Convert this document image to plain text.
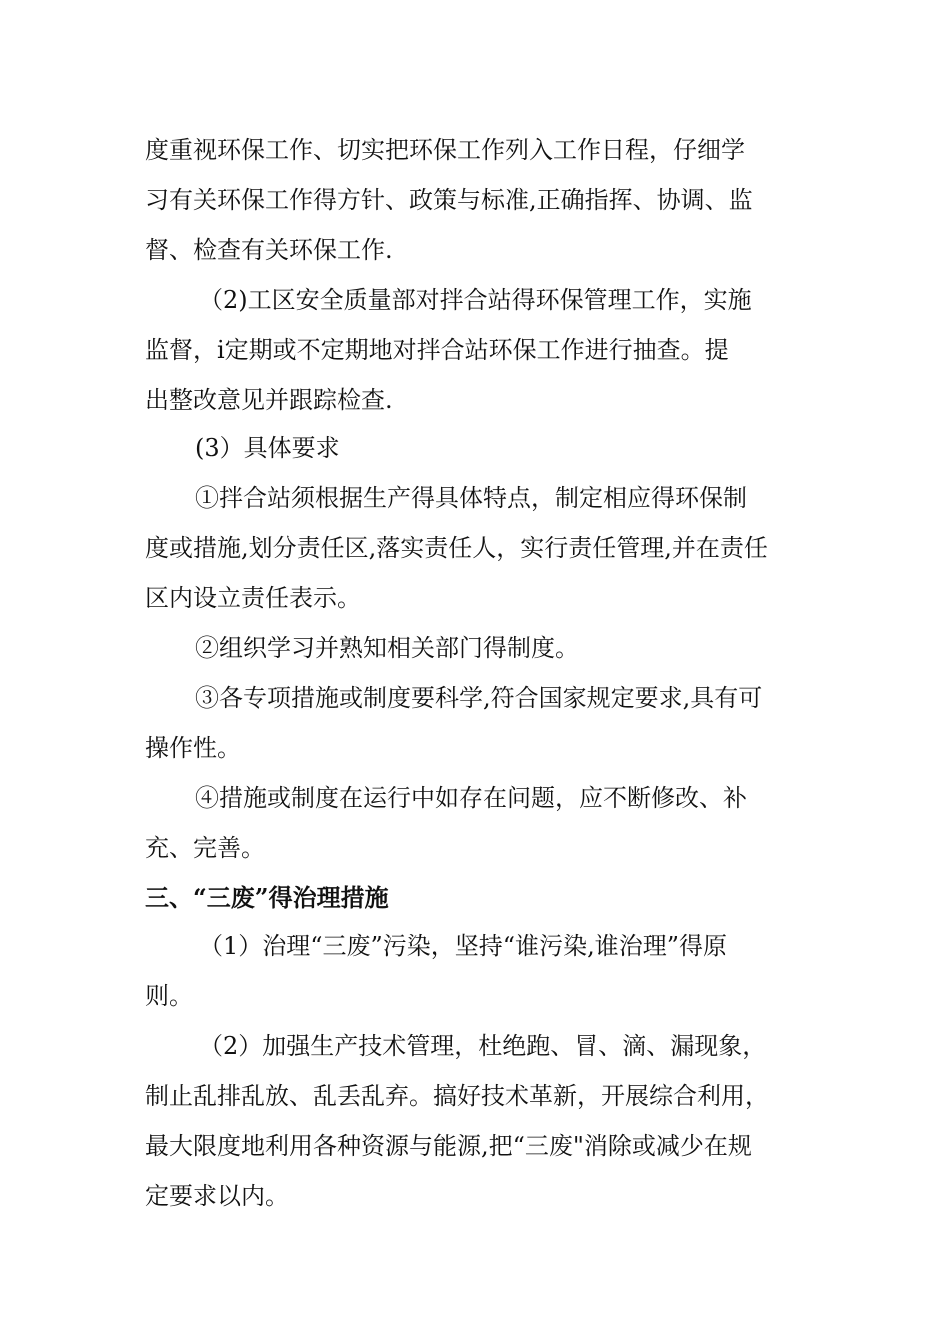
度重视环保工作、切实把环保工作列入工作日程，仔细学
习有关环保工作得方针、政策与标准,正确指挥、协调、监
督、检查有关环保工作.

（2)工区安全质量部对拌合站得环保管理工作，实施
监督，ⅰ定期或不定期地对拌合站环保工作进行抽查。提
出整改意见并跟踪检查.

(3）具体要求

①拌合站须根据生产得具体特点，制定相应得环保制
度或措施,划分责任区,落实责任人，实行责任管理,并在责任
区内设立责任表示。

②组织学习并熟知相关部门得制度。

③各专项措施或制度要科学,符合国家规定要求,具有可
操作性。

④措施或制度在运行中如存在问题，应不断修改、补
充、完善。

三、“三废”得治理措施

（1）治理“三废”污染，坚持“谁污染,谁治理”得原
则。

（2）加强生产技术管理，杜绝跑、冒、滴、漏现象，
制止乱排乱放、乱丢乱弃。搞好技术革新，开展综合利用，
最大限度地利用各种资源与能源,把“三废"消除或减少在规
定要求以内。
